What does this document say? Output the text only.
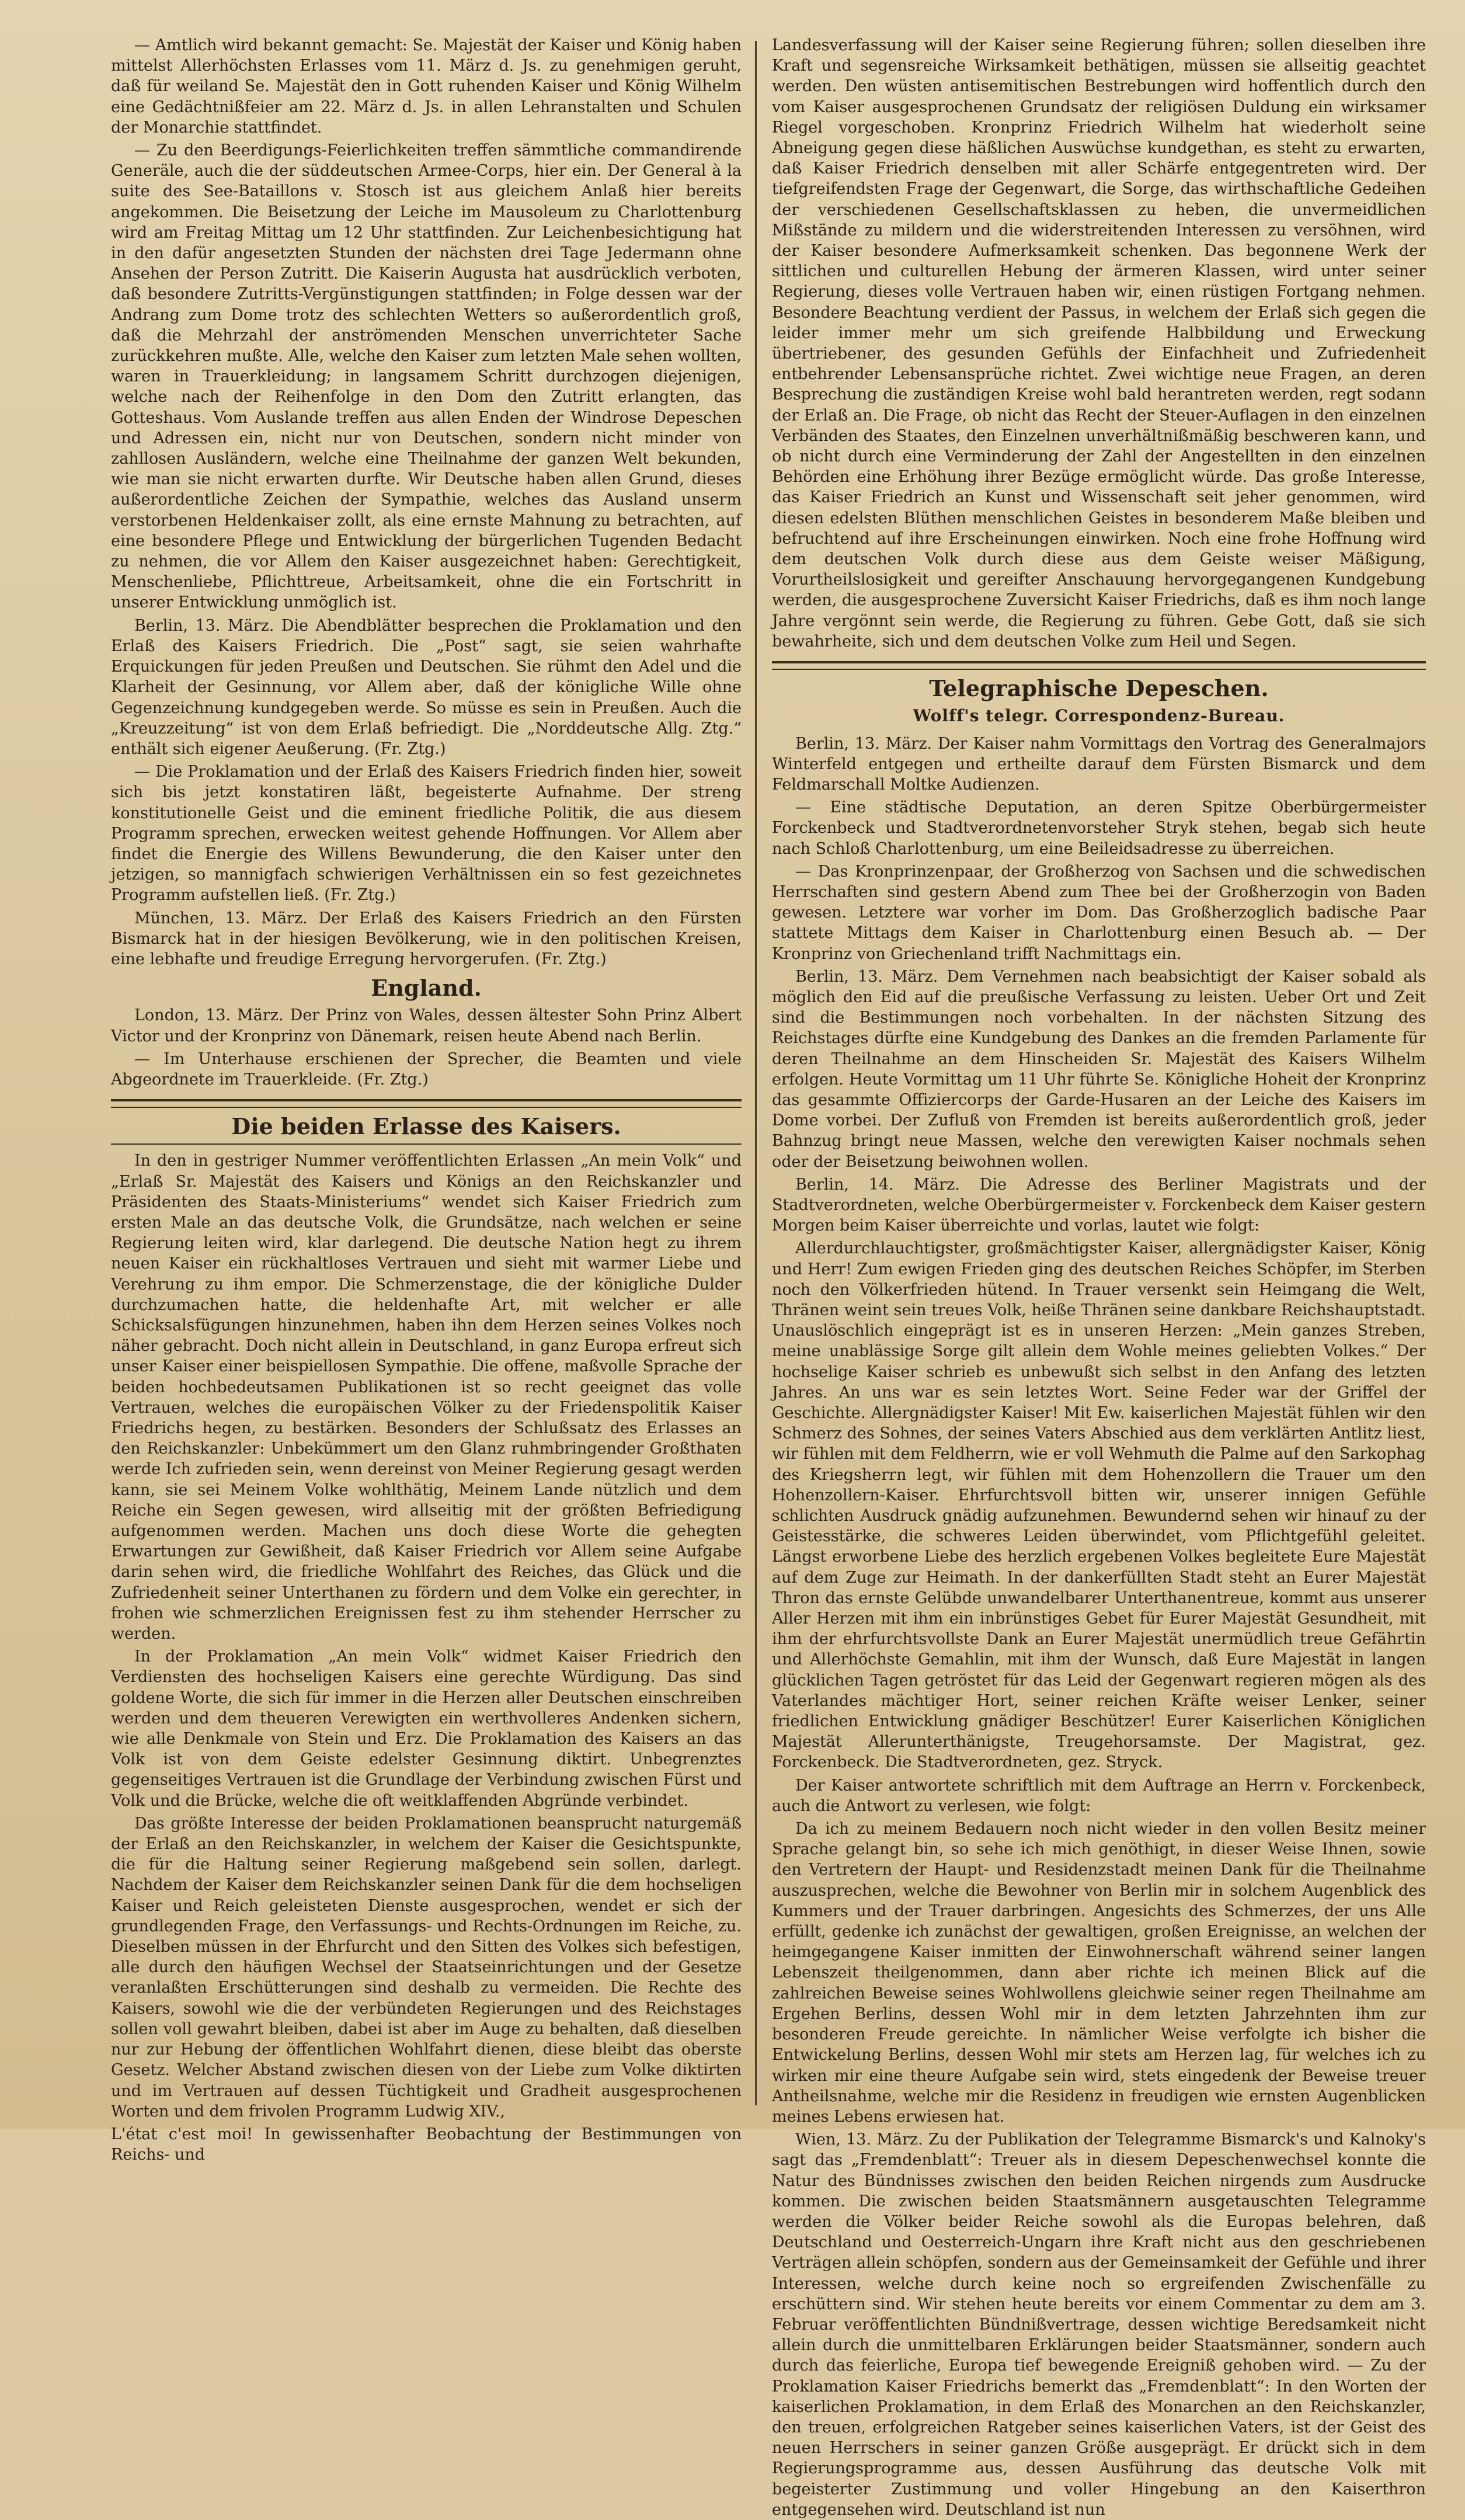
— Amtlich wird bekannt gemacht: Se. Majestät der Kaiser und König haben mittelst Allerhöchsten Erlasses vom 11. März d. Js. zu genehmigen geruht, daß für weiland Se. Majestät den in Gott ruhenden Kaiser und König Wilhelm eine Gedächtnißfeier am 22. März d. Js. in allen Lehranstalten und Schulen der Monarchie stattfindet.

— Zu den Beerdigungs-Feierlichkeiten treffen sämmtliche commandirende Generäle, auch die der süddeutschen Armee-Corps, hier ein. Der General à la suite des See-Bataillons v. Stosch ist aus gleichem Anlaß hier bereits angekommen. Die Beisetzung der Leiche im Mausoleum zu Charlottenburg wird am Freitag Mittag um 12 Uhr stattfinden. Zur Leichenbesichtigung hat in den dafür angesetzten Stunden der nächsten drei Tage Jedermann ohne Ansehen der Person Zutritt. Die Kaiserin Augusta hat ausdrücklich verboten, daß besondere Zutritts-Vergünstigungen stattfinden; in Folge dessen war der Andrang zum Dome trotz des schlechten Wetters so außerordentlich groß, daß die Mehrzahl der anströmenden Menschen unverrichteter Sache zurückkehren mußte. Alle, welche den Kaiser zum letzten Male sehen wollten, waren in Trauerkleidung; in langsamem Schritt durchzogen diejenigen, welche nach der Reihenfolge in den Dom den Zutritt erlangten, das Gotteshaus. Vom Auslande treffen aus allen Enden der Windrose Depeschen und Adressen ein, nicht nur von Deutschen, sondern nicht minder von zahllosen Ausländern, welche eine Theilnahme der ganzen Welt bekunden, wie man sie nicht erwarten durfte. Wir Deutsche haben allen Grund, dieses außerordentliche Zeichen der Sympathie, welches das Ausland unserm verstorbenen Heldenkaiser zollt, als eine ernste Mahnung zu betrachten, auf eine besondere Pflege und Entwicklung der bürgerlichen Tugenden Bedacht zu nehmen, die vor Allem den Kaiser ausgezeichnet haben: Gerechtigkeit, Menschenliebe, Pflichttreue, Arbeitsamkeit, ohne die ein Fortschritt in unserer Entwicklung unmöglich ist.

Berlin, 13. März. Die Abendblätter besprechen die Proklamation und den Erlaß des Kaisers Friedrich. Die „Post“ sagt, sie seien wahrhafte Erquickungen für jeden Preußen und Deutschen. Sie rühmt den Adel und die Klarheit der Gesinnung, vor Allem aber, daß der königliche Wille ohne Gegenzeichnung kundgegeben werde. So müsse es sein in Preußen. Auch die „Kreuzzeitung“ ist von dem Erlaß befriedigt. Die „Norddeutsche Allg. Ztg.“ enthält sich eigener Aeußerung. (Fr. Ztg.)

— Die Proklamation und der Erlaß des Kaisers Friedrich finden hier, soweit sich bis jetzt konstatiren läßt, begeisterte Aufnahme. Der streng konstitutionelle Geist und die eminent friedliche Politik, die aus diesem Programm sprechen, erwecken weitest gehende Hoffnungen. Vor Allem aber findet die Energie des Willens Bewunderung, die den Kaiser unter den jetzigen, so mannigfach schwierigen Verhältnissen ein so fest gezeichnetes Programm aufstellen ließ. (Fr. Ztg.)

München, 13. März. Der Erlaß des Kaisers Friedrich an den Fürsten Bismarck hat in der hiesigen Bevölkerung, wie in den politischen Kreisen, eine lebhafte und freudige Erregung hervorgerufen. (Fr. Ztg.)

England.

London, 13. März. Der Prinz von Wales, dessen ältester Sohn Prinz Albert Victor und der Kronprinz von Dänemark, reisen heute Abend nach Berlin.

— Im Unterhause erschienen der Sprecher, die Beamten und viele Abgeordnete im Trauerkleide. (Fr. Ztg.)

Die beiden Erlasse des Kaisers.

In den in gestriger Nummer veröffentlichten Erlassen „An mein Volk“ und „Erlaß Sr. Majestät des Kaisers und Königs an den Reichskanzler und Präsidenten des Staats-Ministeriums“ wendet sich Kaiser Friedrich zum ersten Male an das deutsche Volk, die Grundsätze, nach welchen er seine Regierung leiten wird, klar darlegend. Die deutsche Nation hegt zu ihrem neuen Kaiser ein rückhaltloses Vertrauen und sieht mit warmer Liebe und Verehrung zu ihm empor. Die Schmerzenstage, die der königliche Dulder durchzumachen hatte, die heldenhafte Art, mit welcher er alle Schicksalsfügungen hinzunehmen, haben ihn dem Herzen seines Volkes noch näher gebracht. Doch nicht allein in Deutschland, in ganz Europa erfreut sich unser Kaiser einer beispiellosen Sympathie. Die offene, maßvolle Sprache der beiden hochbedeutsamen Publikationen ist so recht geeignet das volle Vertrauen, welches die europäischen Völker zu der Friedenspolitik Kaiser Friedrichs hegen, zu bestärken. Besonders der Schlußsatz des Erlasses an den Reichskanzler: Unbekümmert um den Glanz ruhmbringender Großthaten werde Ich zufrieden sein, wenn dereinst von Meiner Regierung gesagt werden kann, sie sei Meinem Volke wohlthätig, Meinem Lande nützlich und dem Reiche ein Segen gewesen, wird allseitig mit der größten Befriedigung aufgenommen werden. Machen uns doch diese Worte die gehegten Erwartungen zur Gewißheit, daß Kaiser Friedrich vor Allem seine Aufgabe darin sehen wird, die friedliche Wohlfahrt des Reiches, das Glück und die Zufriedenheit seiner Unterthanen zu fördern und dem Volke ein gerechter, in frohen wie schmerzlichen Ereignissen fest zu ihm stehender Herrscher zu werden.

In der Proklamation „An mein Volk“ widmet Kaiser Friedrich den Verdiensten des hochseligen Kaisers eine gerechte Würdigung. Das sind goldene Worte, die sich für immer in die Herzen aller Deutschen einschreiben werden und dem theueren Verewigten ein werthvolleres Andenken sichern, wie alle Denkmale von Stein und Erz. Die Proklamation des Kaisers an das Volk ist von dem Geiste edelster Gesinnung diktirt. Unbegrenztes gegenseitiges Vertrauen ist die Grundlage der Verbindung zwischen Fürst und Volk und die Brücke, welche die oft weitklaffenden Abgründe verbindet.

Das größte Interesse der beiden Proklamationen beansprucht naturgemäß der Erlaß an den Reichskanzler, in welchem der Kaiser die Gesichtspunkte, die für die Haltung seiner Regierung maßgebend sein sollen, darlegt. Nachdem der Kaiser dem Reichskanzler seinen Dank für die dem hochseligen Kaiser und Reich geleisteten Dienste ausgesprochen, wendet er sich der grundlegenden Frage, den Verfassungs- und Rechts-Ordnungen im Reiche, zu. Dieselben müssen in der Ehrfurcht und den Sitten des Volkes sich befestigen, alle durch den häufigen Wechsel der Staatseinrichtungen und der Gesetze veranlaßten Erschütterungen sind deshalb zu vermeiden. Die Rechte des Kaisers, sowohl wie die der verbündeten Regierungen und des Reichstages sollen voll gewahrt bleiben, dabei ist aber im Auge zu behalten, daß dieselben nur zur Hebung der öffentlichen Wohlfahrt dienen, diese bleibt das oberste Gesetz. Welcher Abstand zwischen diesen von der Liebe zum Volke diktirten und im Vertrauen auf dessen Tüchtigkeit und Gradheit ausgesprochenen Worten und dem frivolen Programm Ludwig XIV.,

L'état c'est moi! In gewissenhafter Beobachtung der Bestimmungen von Reichs- und

Landesverfassung will der Kaiser seine Regierung führen; sollen dieselben ihre Kraft und segensreiche Wirksamkeit bethätigen, müssen sie allseitig geachtet werden. Den wüsten antisemitischen Bestrebungen wird hoffentlich durch den vom Kaiser ausgesprochenen Grundsatz der religiösen Duldung ein wirksamer Riegel vorgeschoben. Kronprinz Friedrich Wilhelm hat wiederholt seine Abneigung gegen diese häßlichen Auswüchse kundgethan, es steht zu erwarten, daß Kaiser Friedrich denselben mit aller Schärfe entgegentreten wird. Der tiefgreifendsten Frage der Gegenwart, die Sorge, das wirthschaftliche Gedeihen der verschiedenen Gesellschaftsklassen zu heben, die unvermeidlichen Mißstände zu mildern und die widerstreitenden Interessen zu versöhnen, wird der Kaiser besondere Aufmerksamkeit schenken. Das begonnene Werk der sittlichen und culturellen Hebung der ärmeren Klassen, wird unter seiner Regierung, dieses volle Vertrauen haben wir, einen rüstigen Fortgang nehmen. Besondere Beachtung verdient der Passus, in welchem der Erlaß sich gegen die leider immer mehr um sich greifende Halbbildung und Erweckung übertriebener, des gesunden Gefühls der Einfachheit und Zufriedenheit entbehrender Lebensansprüche richtet. Zwei wichtige neue Fragen, an deren Besprechung die zuständigen Kreise wohl bald herantreten werden, regt sodann der Erlaß an. Die Frage, ob nicht das Recht der Steuer-Auflagen in den einzelnen Verbänden des Staates, den Einzelnen unverhältnißmäßig beschweren kann, und ob nicht durch eine Verminderung der Zahl der Angestellten in den einzelnen Behörden eine Erhöhung ihrer Bezüge ermöglicht würde. Das große Interesse, das Kaiser Friedrich an Kunst und Wissenschaft seit jeher genommen, wird diesen edelsten Blüthen menschlichen Geistes in besonderem Maße bleiben und befruchtend auf ihre Erscheinungen einwirken. Noch eine frohe Hoffnung wird dem deutschen Volk durch diese aus dem Geiste weiser Mäßigung, Vorurtheilslosigkeit und gereifter Anschauung hervorgegangenen Kundgebung werden, die ausgesprochene Zuversicht Kaiser Friedrichs, daß es ihm noch lange Jahre vergönnt sein werde, die Regierung zu führen. Gebe Gott, daß sie sich bewahrheite, sich und dem deutschen Volke zum Heil und Segen.

Telegraphische Depeschen.
Wolff's telegr. Correspondenz-Bureau.

Berlin, 13. März. Der Kaiser nahm Vormittags den Vortrag des Generalmajors Winterfeld entgegen und ertheilte darauf dem Fürsten Bismarck und dem Feldmarschall Moltke Audienzen.

— Eine städtische Deputation, an deren Spitze Oberbürgermeister Forckenbeck und Stadtverordnetenvorsteher Stryk stehen, begab sich heute nach Schloß Charlottenburg, um eine Beileidsadresse zu überreichen.

— Das Kronprinzenpaar, der Großherzog von Sachsen und die schwedischen Herrschaften sind gestern Abend zum Thee bei der Großherzogin von Baden gewesen. Letztere war vorher im Dom. Das Großherzoglich badische Paar stattete Mittags dem Kaiser in Charlottenburg einen Besuch ab. — Der Kronprinz von Griechenland trifft Nachmittags ein.

Berlin, 13. März. Dem Vernehmen nach beabsichtigt der Kaiser sobald als möglich den Eid auf die preußische Verfassung zu leisten. Ueber Ort und Zeit sind die Bestimmungen noch vorbehalten. In der nächsten Sitzung des Reichstages dürfte eine Kundgebung des Dankes an die fremden Parlamente für deren Theilnahme an dem Hinscheiden Sr. Majestät des Kaisers Wilhelm erfolgen. Heute Vormittag um 11 Uhr führte Se. Königliche Hoheit der Kronprinz das gesammte Offiziercorps der Garde-Husaren an der Leiche des Kaisers im Dome vorbei. Der Zufluß von Fremden ist bereits außerordentlich groß, jeder Bahnzug bringt neue Massen, welche den verewigten Kaiser nochmals sehen oder der Beisetzung beiwohnen wollen.

Berlin, 14. März. Die Adresse des Berliner Magistrats und der Stadtverordneten, welche Oberbürgermeister v. Forckenbeck dem Kaiser gestern Morgen beim Kaiser überreichte und vorlas, lautet wie folgt:

Allerdurchlauchtigster, großmächtigster Kaiser, allergnädigster Kaiser, König und Herr! Zum ewigen Frieden ging des deutschen Reiches Schöpfer, im Sterben noch den Völkerfrieden hütend. In Trauer versenkt sein Heimgang die Welt, Thränen weint sein treues Volk, heiße Thränen seine dankbare Reichshauptstadt. Unauslöschlich eingeprägt ist es in unseren Herzen: „Mein ganzes Streben, meine unablässige Sorge gilt allein dem Wohle meines geliebten Volkes.“ Der hochselige Kaiser schrieb es unbewußt sich selbst in den Anfang des letzten Jahres. An uns war es sein letztes Wort. Seine Feder war der Griffel der Geschichte. Allergnädigster Kaiser! Mit Ew. kaiserlichen Majestät fühlen wir den Schmerz des Sohnes, der seines Vaters Abschied aus dem verklärten Antlitz liest, wir fühlen mit dem Feldherrn, wie er voll Wehmuth die Palme auf den Sarkophag des Kriegsherrn legt, wir fühlen mit dem Hohenzollern die Trauer um den Hohenzollern-Kaiser. Ehrfurchtsvoll bitten wir, unserer innigen Gefühle schlichten Ausdruck gnädig aufzunehmen. Bewundernd sehen wir hinauf zu der Geistesstärke, die schweres Leiden überwindet, vom Pflichtgefühl geleitet. Längst erworbene Liebe des herzlich ergebenen Volkes begleitete Eure Majestät auf dem Zuge zur Heimath. In der dankerfüllten Stadt steht an Eurer Majestät Thron das ernste Gelübde unwandelbarer Unterthanentreue, kommt aus unserer Aller Herzen mit ihm ein inbrünstiges Gebet für Eurer Majestät Gesundheit, mit ihm der ehrfurchtsvollste Dank an Eurer Majestät unermüdlich treue Gefährtin und Allerhöchste Gemahlin, mit ihm der Wunsch, daß Eure Majestät in langen glücklichen Tagen getröstet für das Leid der Gegenwart regieren mögen als des Vaterlandes mächtiger Hort, seiner reichen Kräfte weiser Lenker, seiner friedlichen Entwicklung gnädiger Beschützer! Eurer Kaiserlichen Königlichen Majestät Allerunterthänigste, Treugehorsamste. Der Magistrat, gez. Forckenbeck. Die Stadtverordneten, gez. Stryck.

Der Kaiser antwortete schriftlich mit dem Auftrage an Herrn v. Forckenbeck, auch die Antwort zu verlesen, wie folgt:

Da ich zu meinem Bedauern noch nicht wieder in den vollen Besitz meiner Sprache gelangt bin, so sehe ich mich genöthigt, in dieser Weise Ihnen, sowie den Vertretern der Haupt- und Residenzstadt meinen Dank für die Theilnahme auszusprechen, welche die Bewohner von Berlin mir in solchem Augenblick des Kummers und der Trauer darbringen. Angesichts des Schmerzes, der uns Alle erfüllt, gedenke ich zunächst der gewaltigen, großen Ereignisse, an welchen der heimgegangene Kaiser inmitten der Einwohnerschaft während seiner langen Lebenszeit theilgenommen, dann aber richte ich meinen Blick auf die zahlreichen Beweise seines Wohlwollens gleichwie seiner regen Theilnahme am Ergehen Berlins, dessen Wohl mir in dem letzten Jahrzehnten ihm zur besonderen Freude gereichte. In nämlicher Weise verfolgte ich bisher die Entwickelung Berlins, dessen Wohl mir stets am Herzen lag, für welches ich zu wirken mir eine theure Aufgabe sein wird, stets eingedenk der Beweise treuer Antheilsnahme, welche mir die Residenz in freudigen wie ernsten Augenblicken meines Lebens erwiesen hat.

Wien, 13. März. Zu der Publikation der Telegramme Bismarck's und Kalnoky's sagt das „Fremdenblatt“: Treuer als in diesem Depeschenwechsel konnte die Natur des Bündnisses zwischen den beiden Reichen nirgends zum Ausdrucke kommen. Die zwischen beiden Staatsmännern ausgetauschten Telegramme werden die Völker beider Reiche sowohl als die Europas belehren, daß Deutschland und Oesterreich-Ungarn ihre Kraft nicht aus den geschriebenen Verträgen allein schöpfen, sondern aus der Gemeinsamkeit der Gefühle und ihrer Interessen, welche durch keine noch so ergreifenden Zwischenfälle zu erschüttern sind. Wir stehen heute bereits vor einem Commentar zu dem am 3. Februar veröffentlichten Bündnißvertrage, dessen wichtige Beredsamkeit nicht allein durch die unmittelbaren Erklärungen beider Staatsmänner, sondern auch durch das feierliche, Europa tief bewegende Ereigniß gehoben wird. — Zu der Proklamation Kaiser Friedrichs bemerkt das „Fremdenblatt“: In den Worten der kaiserlichen Proklamation, in dem Erlaß des Monarchen an den Reichskanzler, den treuen, erfolgreichen Ratgeber seines kaiserlichen Vaters, ist der Geist des neuen Herrschers in seiner ganzen Größe ausgeprägt. Er drückt sich in dem Regierungsprogramme aus, dessen Ausführung das deutsche Volk mit begeisterter Zustimmung und voller Hingebung an den Kaiserthron entgegensehen wird. Deutschland ist nun
